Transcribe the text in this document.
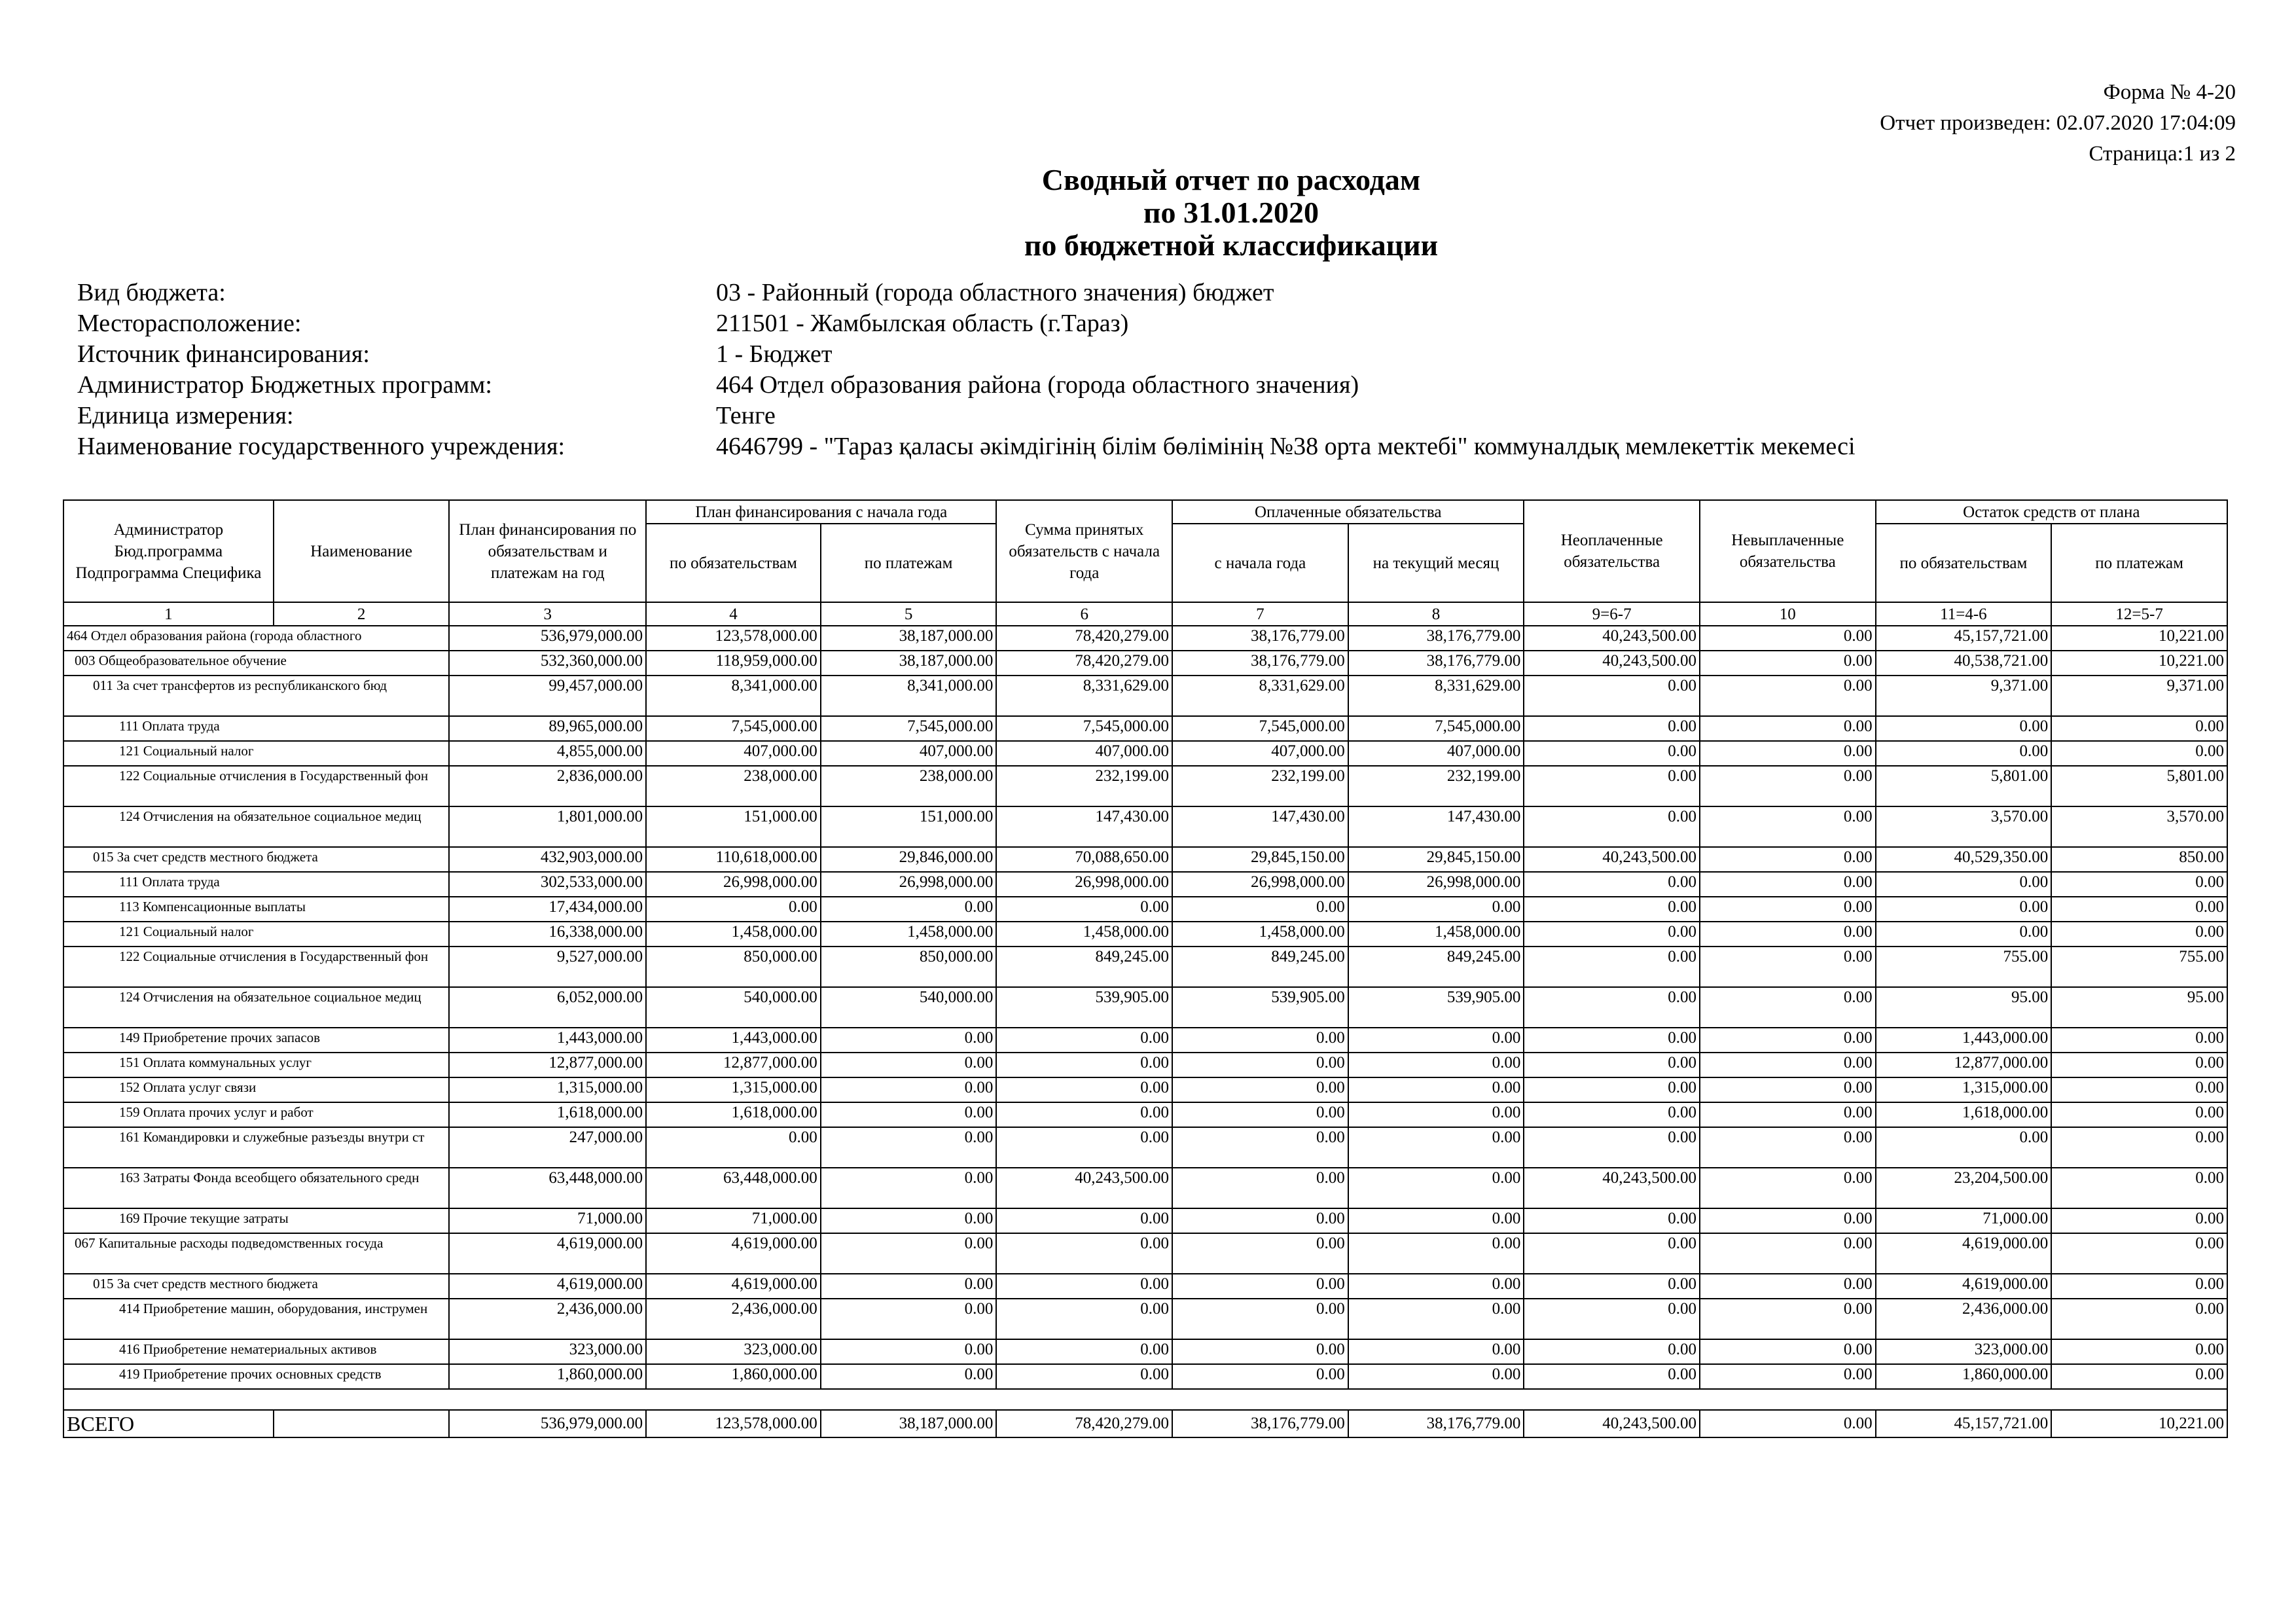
Форма № 4-20
Отчет произведен: 02.07.2020 17:04:09
Страница:1 из 2
Сводный отчет по расходам
по 31.01.2020
по бюджетной классификации
Вид бюджета:	03 - Районный (города областного значения) бюджет
Месторасположение:	211501 - Жамбылская область (г.Тараз)
Источник финансирования:	1 - Бюджет
Администратор Бюджетных программ:	464 Отдел образования района (города областного значения)
Единица измерения:	Тенге
Наименование государственного учреждения:	4646799 - "Тараз қаласы әкімдігінің білім бөлімінің №38 орта мектебі" коммуналдық мемлекеттік мекемесі
Администратор Бюд.программа Подпрограмма Специфика	Наименование	План финансирования по обязательствам и платежам на год	План финансирования с начала года		Сумма принятых обязательств с начала года	Оплаченные обязательства		Неоплаченные обязательства	Невыплаченные обязательства	Остаток средств от плана	
			по обязательствам	по платежам		с начала года	на текущий месяц			по обязательствам	по платежам
1	2	3	4	5	6	7	8	9=6-7	10	11=4-6	12=5-7
464 Отдел образования района (города областного		536,979,000.00	123,578,000.00	38,187,000.00	78,420,279.00	38,176,779.00	38,176,779.00	40,243,500.00	0.00	45,157,721.00	10,221.00
003 Общеобразовательное обучение		532,360,000.00	118,959,000.00	38,187,000.00	78,420,279.00	38,176,779.00	38,176,779.00	40,243,500.00	0.00	40,538,721.00	10,221.00
011 За счет трансфертов из республиканского бюд		99,457,000.00	8,341,000.00	8,341,000.00	8,331,629.00	8,331,629.00	8,331,629.00	0.00	0.00	9,371.00	9,371.00
111 Оплата труда		89,965,000.00	7,545,000.00	7,545,000.00	7,545,000.00	7,545,000.00	7,545,000.00	0.00	0.00	0.00	0.00
121 Социальный налог		4,855,000.00	407,000.00	407,000.00	407,000.00	407,000.00	407,000.00	0.00	0.00	0.00	0.00
122 Социальные отчисления в Государственный фон		2,836,000.00	238,000.00	238,000.00	232,199.00	232,199.00	232,199.00	0.00	0.00	5,801.00	5,801.00
124 Отчисления на обязательное социальное медиц		1,801,000.00	151,000.00	151,000.00	147,430.00	147,430.00	147,430.00	0.00	0.00	3,570.00	3,570.00
015 За счет средств местного бюджета		432,903,000.00	110,618,000.00	29,846,000.00	70,088,650.00	29,845,150.00	29,845,150.00	40,243,500.00	0.00	40,529,350.00	850.00
111 Оплата труда		302,533,000.00	26,998,000.00	26,998,000.00	26,998,000.00	26,998,000.00	26,998,000.00	0.00	0.00	0.00	0.00
113 Компенсационные выплаты		17,434,000.00	0.00	0.00	0.00	0.00	0.00	0.00	0.00	0.00	0.00
121 Социальный налог		16,338,000.00	1,458,000.00	1,458,000.00	1,458,000.00	1,458,000.00	1,458,000.00	0.00	0.00	0.00	0.00
122 Социальные отчисления в Государственный фон		9,527,000.00	850,000.00	850,000.00	849,245.00	849,245.00	849,245.00	0.00	0.00	755.00	755.00
124 Отчисления на обязательное социальное медиц		6,052,000.00	540,000.00	540,000.00	539,905.00	539,905.00	539,905.00	0.00	0.00	95.00	95.00
149 Приобретение прочих запасов		1,443,000.00	1,443,000.00	0.00	0.00	0.00	0.00	0.00	0.00	1,443,000.00	0.00
151 Оплата коммунальных услуг		12,877,000.00	12,877,000.00	0.00	0.00	0.00	0.00	0.00	0.00	12,877,000.00	0.00
152 Оплата услуг связи		1,315,000.00	1,315,000.00	0.00	0.00	0.00	0.00	0.00	0.00	1,315,000.00	0.00
159 Оплата прочих услуг и работ		1,618,000.00	1,618,000.00	0.00	0.00	0.00	0.00	0.00	0.00	1,618,000.00	0.00
161 Командировки и служебные разъезды внутри ст		247,000.00	0.00	0.00	0.00	0.00	0.00	0.00	0.00	0.00	0.00
163 Затраты Фонда всеобщего обязательного средн		63,448,000.00	63,448,000.00	0.00	40,243,500.00	0.00	0.00	40,243,500.00	0.00	23,204,500.00	0.00
169 Прочие текущие затраты		71,000.00	71,000.00	0.00	0.00	0.00	0.00	0.00	0.00	71,000.00	0.00
067 Капитальные расходы подведомственных госуда		4,619,000.00	4,619,000.00	0.00	0.00	0.00	0.00	0.00	0.00	4,619,000.00	0.00
015 За счет средств местного бюджета		4,619,000.00	4,619,000.00	0.00	0.00	0.00	0.00	0.00	0.00	4,619,000.00	0.00
414 Приобретение машин, оборудования, инструмен		2,436,000.00	2,436,000.00	0.00	0.00	0.00	0.00	0.00	0.00	2,436,000.00	0.00
416 Приобретение нематериальных активов		323,000.00	323,000.00	0.00	0.00	0.00	0.00	0.00	0.00	323,000.00	0.00
419 Приобретение прочих основных средств		1,860,000.00	1,860,000.00	0.00	0.00	0.00	0.00	0.00	0.00	1,860,000.00	0.00

ВСЕГО		536,979,000.00	123,578,000.00	38,187,000.00	78,420,279.00	38,176,779.00	38,176,779.00	40,243,500.00	0.00	45,157,721.00	10,221.00
